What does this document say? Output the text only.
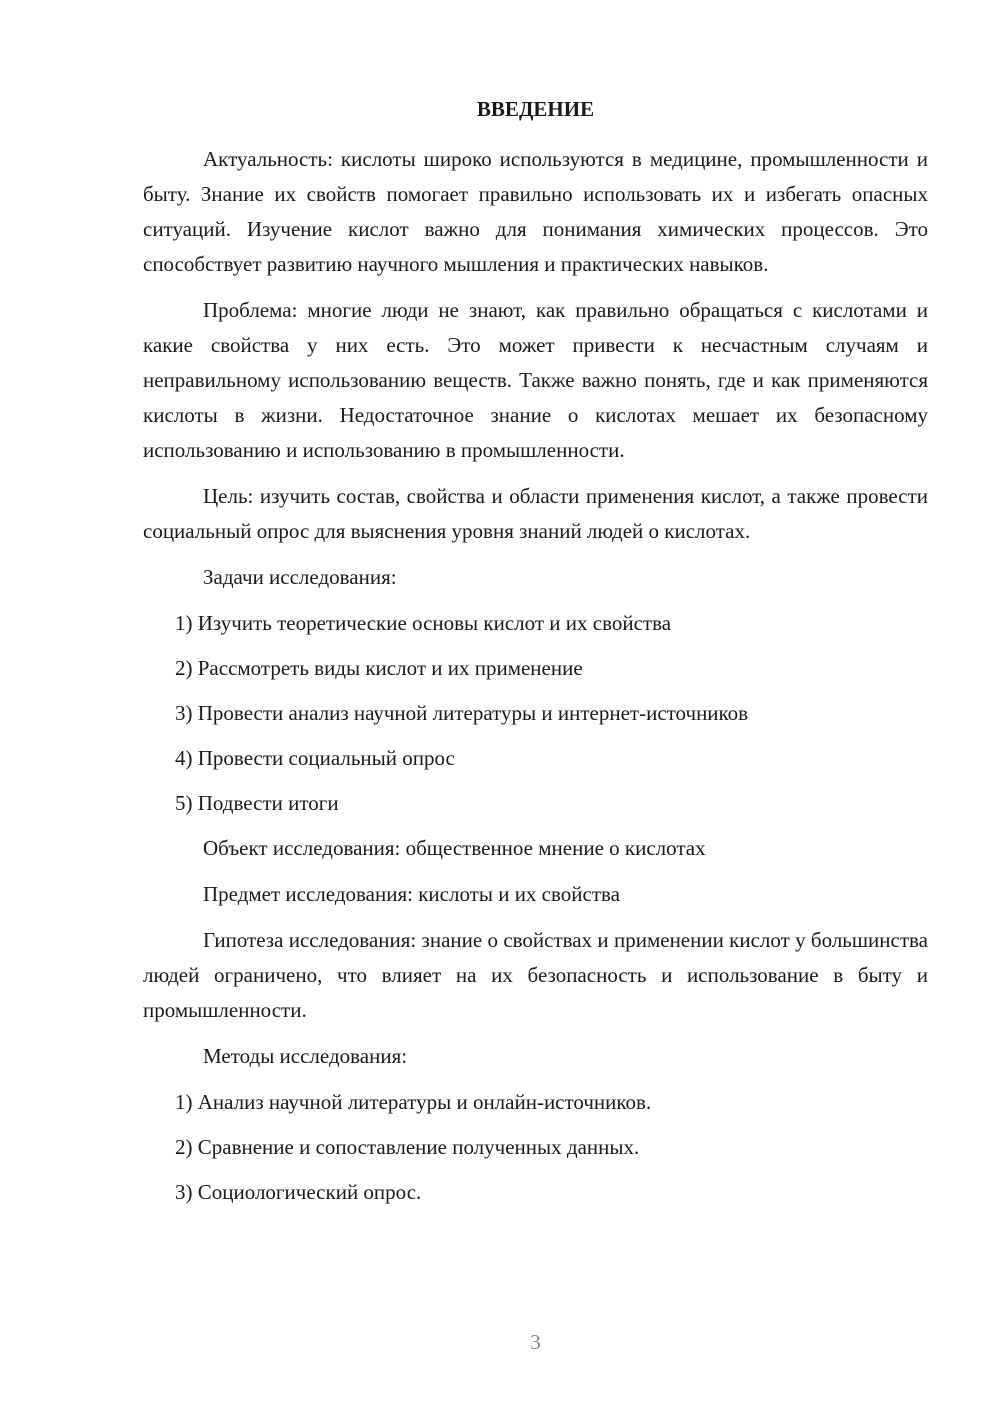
ВВЕДЕНИЕ

Актуальность: кислоты широко используются в медицине, промышленности и быту. Знание их свойств помогает правильно использовать их и избегать опасных ситуаций. Изучение кислот важно для понимания химических процессов. Это способствует развитию научного мышления и практических навыков.

Проблема: многие люди не знают, как правильно обращаться с кислотами и какие свойства у них есть. Это может привести к несчастным случаям и неправильному использованию веществ. Также важно понять, где и как применяются кислоты в жизни. Недостаточное знание о кислотах мешает их безопасному использованию и использованию в промышленности.

Цель: изучить состав, свойства и области применения кислот, а также провести социальный опрос для выяснения уровня знаний людей о кислотах.

Задачи исследования:

1) Изучить теоретические основы кислот и их свойства

2) Рассмотреть виды кислот и их применение

3) Провести анализ научной литературы и интернет-источников

4) Провести социальный опрос

5) Подвести итоги

Объект исследования: общественное мнение о кислотах

Предмет исследования: кислоты и их свойства

Гипотеза исследования: знание о свойствах и применении кислот у большинства людей ограничено, что влияет на их безопасность и использование в быту и промышленности.

Методы исследования:

1) Анализ научной литературы и онлайн-источников.

2) Сравнение и сопоставление полученных данных.

3) Социологический опрос.

3
